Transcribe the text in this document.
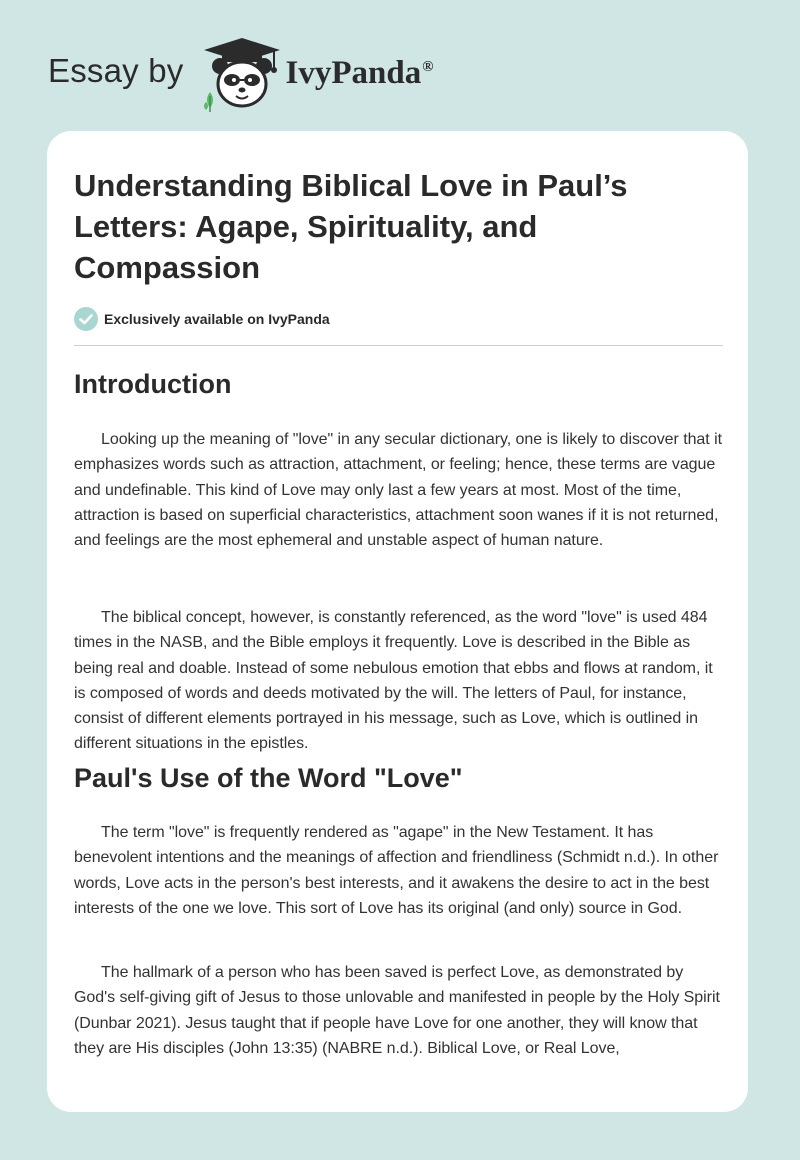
Essay by	IvyPanda®
Understanding Biblical Love in Paul’s Letters: Agape, Spirituality, and Compassion
Exclusively available on IvyPanda
Introduction

Looking up the meaning of "love" in any secular dictionary, one is likely to discover that it emphasizes words such as attraction, attachment, or feeling; hence, these terms are vague and undefinable. This kind of Love may only last a few years at most. Most of the time, attraction is based on superficial characteristics, attachment soon wanes if it is not returned, and feelings are the most ephemeral and unstable aspect of human nature.

The biblical concept, however, is constantly referenced, as the word "love" is used 484 times in the NASB, and the Bible employs it frequently. Love is described in the Bible as being real and doable. Instead of some nebulous emotion that ebbs and flows at random, it is composed of words and deeds motivated by the will. The letters of Paul, for instance, consist of different elements portrayed in his message, such as Love, which is outlined in different situations in the epistles.

Paul's Use of the Word "Love"

The term "love" is frequently rendered as "agape" in the New Testament. It has benevolent intentions and the meanings of affection and friendliness (Schmidt n.d.). In other words, Love acts in the person's best interests, and it awakens the desire to act in the best interests of the one we love. This sort of Love has its original (and only) source in God.

The hallmark of a person who has been saved is perfect Love, as demonstrated by God's self-giving gift of Jesus to those unlovable and manifested in people by the Holy Spirit (Dunbar 2021). Jesus taught that if people have Love for one another, they will know that they are His disciples (John 13:35) (NABRE n.d.). Biblical Love, or Real Love,
